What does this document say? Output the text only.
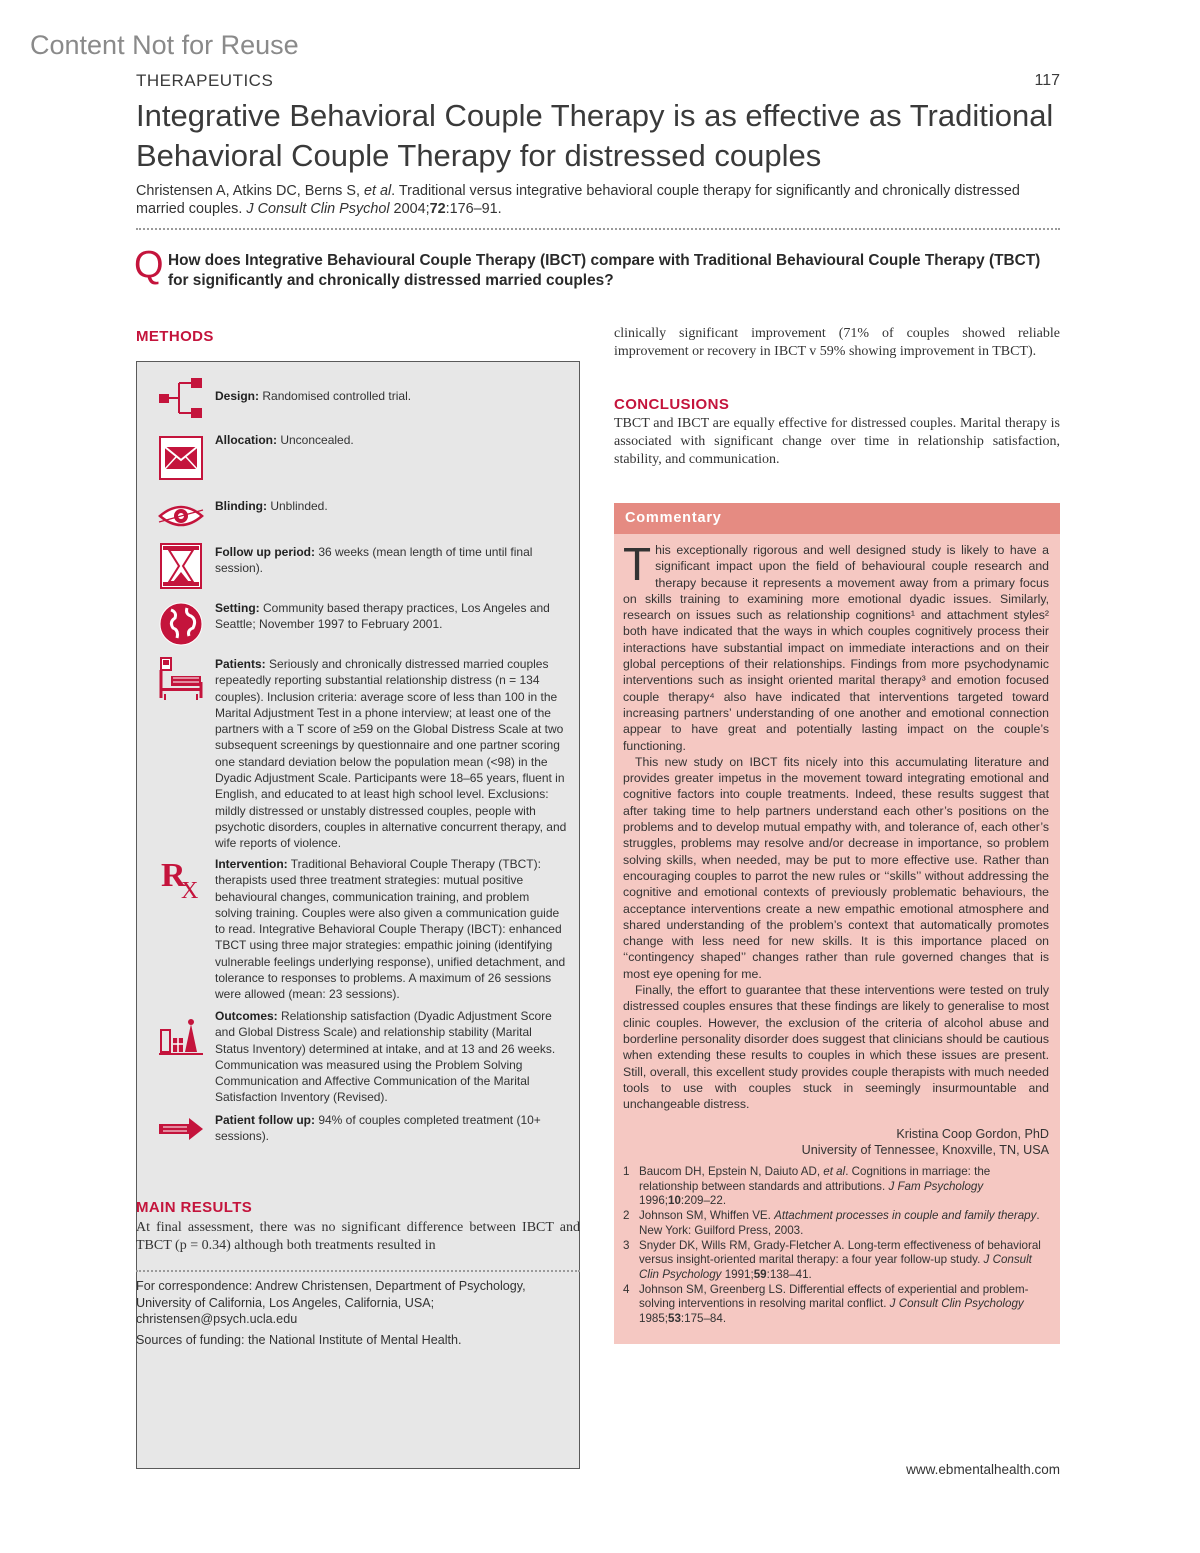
Content Not for Reuse
THERAPEUTICS	117
Integrative Behavioral Couple Therapy is as effective as Traditional Behavioral Couple Therapy for distressed couples
Christensen A, Atkins DC, Berns S, et al. Traditional versus integrative behavioral couple therapy for significantly and chronically distressed married couples. J Consult Clin Psychol 2004;72:176–91.
Q How does Integrative Behavioural Couple Therapy (IBCT) compare with Traditional Behavioural Couple Therapy (TBCT) for significantly and chronically distressed married couples?
METHODS
Design: Randomised controlled trial.
Allocation: Unconcealed.
Blinding: Unblinded.
Follow up period: 36 weeks (mean length of time until final session).
Setting: Community based therapy practices, Los Angeles and Seattle; November 1997 to February 2001.
Patients: Seriously and chronically distressed married couples repeatedly reporting substantial relationship distress (n = 134 couples). Inclusion criteria: average score of less than 100 in the Marital Adjustment Test in a phone interview; at least one of the partners with a T score of ≥59 on the Global Distress Scale at two subsequent screenings by questionnaire and one partner scoring one standard deviation below the population mean (<98) in the Dyadic Adjustment Scale. Participants were 18–65 years, fluent in English, and educated to at least high school level. Exclusions: mildly distressed or unstably distressed couples, people with psychotic disorders, couples in alternative concurrent therapy, and wife reports of violence.
R
X
Intervention: Traditional Behavioral Couple Therapy (TBCT): therapists used three treatment strategies: mutual positive behavioural changes, communication training, and problem solving training. Couples were also given a communication guide to read. Integrative Behavioral Couple Therapy (IBCT): enhanced TBCT using three major strategies: empathic joining (identifying vulnerable feelings underlying response), unified detachment, and tolerance to responses to problems. A maximum of 26 sessions were allowed (mean: 23 sessions).
Outcomes: Relationship satisfaction (Dyadic Adjustment Score and Global Distress Scale) and relationship stability (Marital Status Inventory) determined at intake, and at 13 and 26 weeks. Communication was measured using the Problem Solving Communication and Affective Communication of the Marital Satisfaction Inventory (Revised).
Patient follow up: 94% of couples completed treatment (10+ sessions).
MAIN RESULTS
At final assessment, there was no significant difference between IBCT and TBCT (p = 0.34) although both treatments resulted in
For correspondence: Andrew Christensen, Department of Psychology, University of California, Los Angeles, California, USA; christensen@psych.ucla.edu
Sources of funding: the National Institute of Mental Health.
clinically significant improvement (71% of couples showed reliable improvement or recovery in IBCT v 59% showing improvement in TBCT).
CONCLUSIONS
TBCT and IBCT are equally effective for distressed couples. Marital therapy is associated with significant change over time in relationship satisfaction, stability, and communication.
Commentary

This exceptionally rigorous and well designed study is likely to have a significant impact upon the field of behavioural couple research and therapy because it represents a movement away from a primary focus on skills training to examining more emotional dyadic issues. Similarly, research on issues such as relationship cognitions¹ and attachment styles² both have indicated that the ways in which couples cognitively process their interactions have substantial impact on immediate interactions and on their global perceptions of their relationships. Findings from more psychodynamic interventions such as insight oriented marital therapy³ and emotion focused couple therapy⁴ also have indicated that interventions targeted toward increasing partners’ understanding of one another and emotional connection appear to have great and potentially lasting impact on the couple’s functioning.

This new study on IBCT fits nicely into this accumulating literature and provides greater impetus in the movement toward integrating emotional and cognitive factors into couple treatments. Indeed, these results suggest that after taking time to help partners understand each other’s positions on the problems and to develop mutual empathy with, and tolerance of, each other’s struggles, problems may resolve and/or decrease in importance, so problem solving skills, when needed, may be put to more effective use. Rather than encouraging couples to parrot the new rules or ‘‘skills’’ without addressing the cognitive and emotional contexts of previously problematic behaviours, the acceptance interventions create a new empathic emotional atmosphere and shared understanding of the problem’s context that automatically promotes change with less need for new skills. It is this importance placed on ‘‘contingency shaped’’ changes rather than rule governed changes that is most eye opening for me.

Finally, the effort to guarantee that these interventions were tested on truly distressed couples ensures that these findings are likely to generalise to most clinic couples. However, the exclusion of the criteria of alcohol abuse and borderline personality disorder does suggest that clinicians should be cautious when extending these results to couples in which these issues are present. Still, overall, this excellent study provides couple therapists with much needed tools to use with couples stuck in seemingly insurmountable and unchangeable distress.

Kristina Coop Gordon, PhD
University of Tennessee, Knoxville, TN, USA
1 Baucom DH, Epstein N, Daiuto AD, et al. Cognitions in marriage: the relationship between standards and attributions. J Fam Psychology 1996;10:209–22.
2 Johnson SM, Whiffen VE. Attachment processes in couple and family therapy. New York: Guilford Press, 2003.
3 Snyder DK, Wills RM, Grady-Fletcher A. Long-term effectiveness of behavioral versus insight-oriented marital therapy: a four year follow-up study. J Consult Clin Psychology 1991;59:138–41.
4 Johnson SM, Greenberg LS. Differential effects of experiential and problem-solving interventions in resolving marital conflict. J Consult Clin Psychology 1985;53:175–84.
www.ebmentalhealth.com
